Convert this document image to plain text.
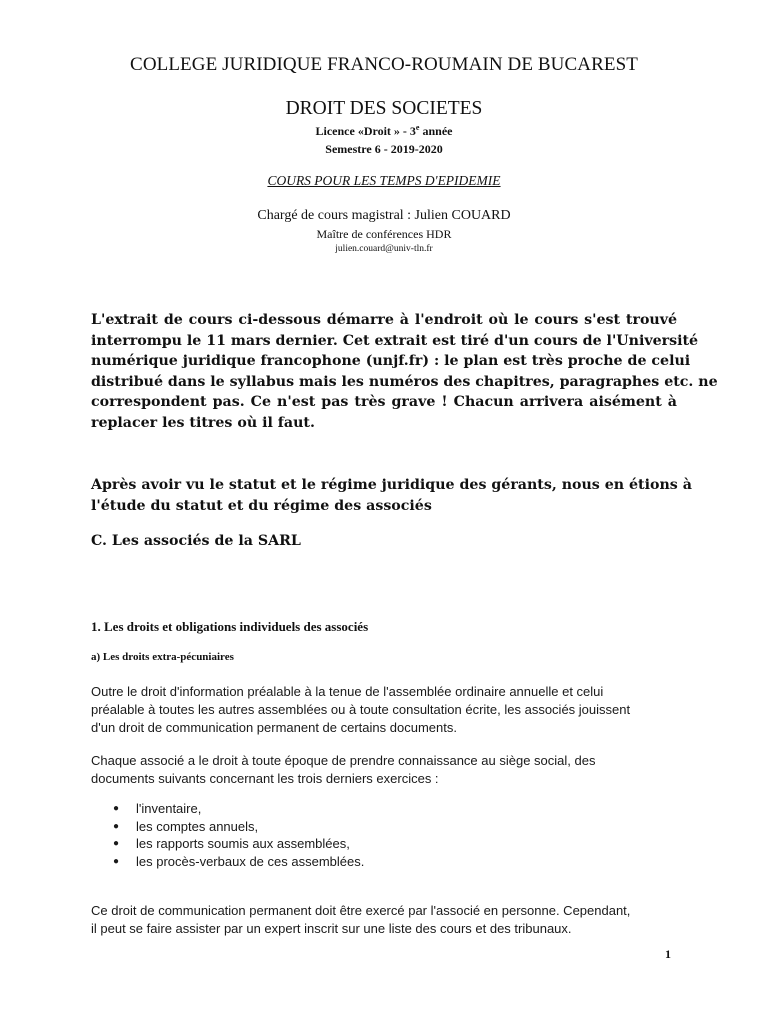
COLLEGE JURIDIQUE FRANCO-ROUMAIN DE BUCAREST
DROIT DES SOCIETES
Licence «Droit » - 3e année
Semestre 6 - 2019-2020
COURS POUR LES TEMPS D'EPIDEMIE
Chargé de cours magistral : Julien COUARD
Maître de conférences HDR
julien.couard@univ-tln.fr
L'extrait de cours ci-dessous démarre à l'endroit où le cours s'est trouvé
interrompu le 11 mars dernier. Cet extrait est tiré d'un cours de l'Université
numérique juridique francophone (unjf.fr) : le plan est très proche de celui
distribué dans le syllabus mais les numéros des chapitres, paragraphes etc. ne
correspondent pas. Ce n'est pas très grave ! Chacun arrivera aisément à
replacer les titres où il faut.
Après avoir vu le statut et le régime juridique des gérants, nous en étions à
l'étude du statut et du régime des associés
C. Les associés de la SARL
1. Les droits et obligations individuels des associés
a) Les droits extra-pécuniaires
Outre le droit d'information préalable à la tenue de l'assemblée ordinaire annuelle et celui
préalable à toutes les autres assemblées ou à toute consultation écrite, les associés jouissent
d'un droit de communication permanent de certains documents.
Chaque associé a le droit à toute époque de prendre connaissance au siège social, des
documents suivants concernant les trois derniers exercices :
● l'inventaire,
● les comptes annuels,
● les rapports soumis aux assemblées,
● les procès-verbaux de ces assemblées.
Ce droit de communication permanent doit être exercé par l'associé en personne. Cependant,
il peut se faire assister par un expert inscrit sur une liste des cours et des tribunaux.
1
